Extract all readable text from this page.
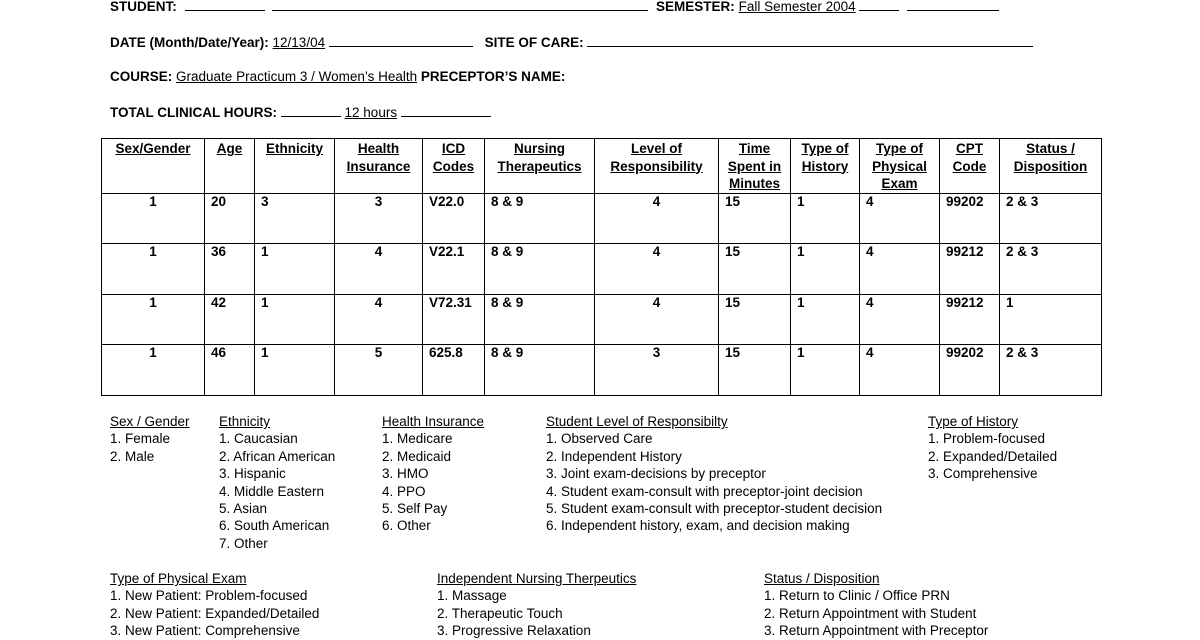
STUDENT:	SEMESTER: Fall Semester 2004
DATE (Month/Date/Year): 12/13/04	SITE OF CARE:
COURSE: Graduate Practicum 3 / Women’s Health PRECEPTOR’S NAME:
TOTAL CLINICAL HOURS:	12 hours
Sex/Gender	Age	Ethnicity	Health Insurance	ICD Codes	Nursing Therapeutics	Level of Responsibility	Time Spent in Minutes	Type of History	Type of Physical Exam	CPT Code	Status / Disposition
1	20	3	3	V22.0	8 & 9	4	15	1	4	99202	2 & 3
1	36	1	4	V22.1	8 & 9	4	15	1	4	99212	2 & 3
1	42	1	4	V72.31	8 & 9	4	15	1	4	99212	1
1	46	1	5	625.8	8 & 9	3	15	1	4	99202	2 & 3
Sex / Gender
1. Female
2. Male
Ethnicity
1. Caucasian
2. African American
3. Hispanic
4. Middle Eastern
5. Asian
6. South American
7. Other
Health Insurance
1. Medicare
2. Medicaid
3. HMO
4. PPO
5. Self Pay
6. Other
Student Level of Responsibilty
1. Observed Care
2. Independent History
3. Joint exam-decisions by preceptor
4. Student exam-consult with preceptor-joint decision
5. Student exam-consult with preceptor-student decision
6. Independent history, exam, and decision making
Type of History
1. Problem-focused
2. Expanded/Detailed
3. Comprehensive
Type of Physical Exam
1. New Patient: Problem-focused
2. New Patient: Expanded/Detailed
3. New Patient: Comprehensive
Independent Nursing Therpeutics
1. Massage
2. Therapeutic Touch
3. Progressive Relaxation
Status / Disposition
1. Return to Clinic / Office PRN
2. Return Appointment with Student
3. Return Appointment with Preceptor
